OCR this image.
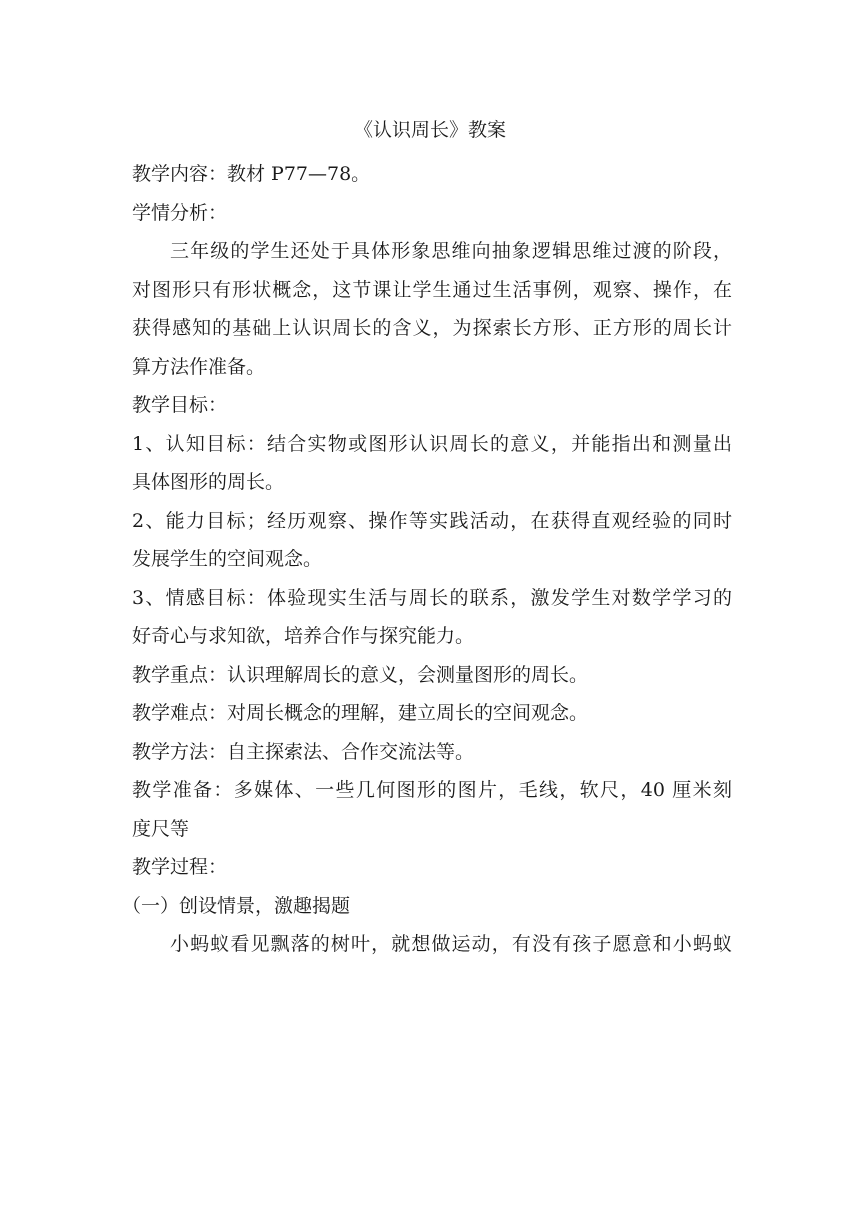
《认识周长》教案
教学内容：教材 P77—78。
学情分析：
三年级的学生还处于具体形象思维向抽象逻辑思维过渡的阶段，
对图形只有形状概念，这节课让学生通过生活事例，观察、操作，在
获得感知的基础上认识周长的含义，为探索长方形、正方形的周长计
算方法作准备。
教学目标：
1、认知目标：结合实物或图形认识周长的意义，并能指出和测量出
具体图形的周长。
2、能力目标；经历观察、操作等实践活动，在获得直观经验的同时
发展学生的空间观念。
3、情感目标：体验现实生活与周长的联系，激发学生对数学学习的
好奇心与求知欲，培养合作与探究能力。
教学重点：认识理解周长的意义，会测量图形的周长。
教学难点：对周长概念的理解，建立周长的空间观念。
教学方法：自主探索法、合作交流法等。
教学准备：多媒体、一些几何图形的图片，毛线，软尺，40 厘米刻
度尺等
教学过程：
（一）创设情景，激趣揭题
小蚂蚁看见飘落的树叶，就想做运动，有没有孩子愿意和小蚂蚁
